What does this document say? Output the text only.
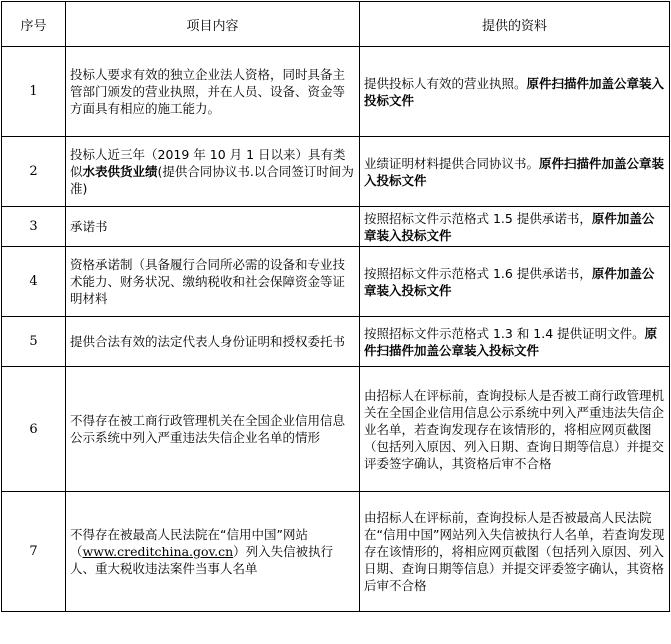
序号	项目内容	提供的资料
1	投标人要求有效的独立企业法人资格，同时具备主管部门颁发的营业执照，并在人员、设备、资金等方面具有相应的施工能力。	提供投标人有效的营业执照。原件扫描件加盖公章装入投标文件
2	投标人近三年（2019 年 10 月 1 日以来）具有类似水表供货业绩(提供合同协议书.以合同签订时间为准)	业绩证明材料提供合同协议书。原件扫描件加盖公章装入投标文件
3	承诺书	按照招标文件示范格式 1.5 提供承诺书，原件加盖公章装入投标文件
4	资格承诺制（具备履行合同所必需的设备和专业技术能力、财务状况、缴纳税收和社会保障资金等证明材料	按照招标文件示范格式 1.6 提供承诺书，原件加盖公章装入投标文件
5	提供合法有效的法定代表人身份证明和授权委托书	按照招标文件示范格式 1.3 和 1.4 提供证明文件。原件扫描件加盖公章装入投标文件
6	不得存在被工商行政管理机关在全国企业信用信息公示系统中列入严重违法失信企业名单的情形	由招标人在评标前，查询投标人是否被工商行政管理机关在全国企业信用信息公示系统中列入严重违法失信企业名单，若查询发现存在该情形的，将相应网页截图（包括列入原因、列入日期、查询日期等信息）并提交评委签字确认，其资格后审不合格
7	不得存在被最高人民法院在“信用中国”网站（www.creditchina.gov.cn）列入失信被执行人、重大税收违法案件当事人名单	由招标人在评标前，查询投标人是否被最高人民法院在“信用中国”网站列入失信被执行人名单，若查询发现存在该情形的，将相应网页截图（包括列入原因、列入日期、查询日期等信息）并提交评委签字确认，其资格后审不合格
